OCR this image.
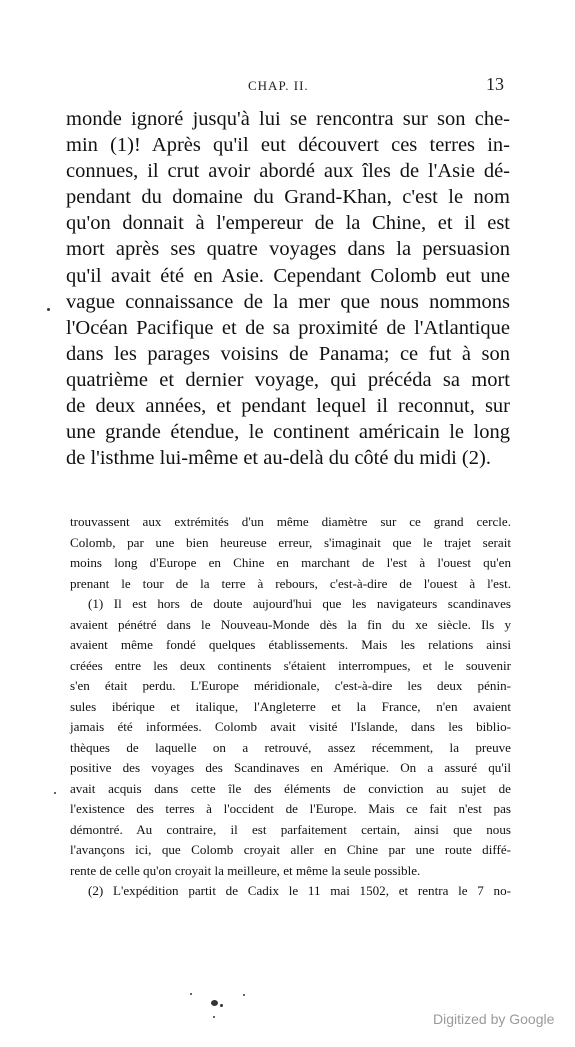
CHAP. II.	13
monde ignoré jusqu'à lui se rencontra sur son che-
min (1)! Après qu'il eut découvert ces terres in-
connues, il crut avoir abordé aux îles de l'Asie dé-
pendant du domaine du Grand-Khan, c'est le nom
qu'on donnait à l'empereur de la Chine, et il est
mort après ses quatre voyages dans la persuasion
qu'il avait été en Asie. Cependant Colomb eut une
vague connaissance de la mer que nous nommons
l'Océan Pacifique et de sa proximité de l'Atlantique
dans les parages voisins de Panama; ce fut à son
quatrième et dernier voyage, qui précéda sa mort
de deux années, et pendant lequel il reconnut, sur
une grande étendue, le continent américain le long
de l'isthme lui-même et au-delà du côté du midi (2).
trouvassent aux extrémités d'un même diamètre sur ce grand cercle.
Colomb, par une bien heureuse erreur, s'imaginait que le trajet serait
moins long d'Europe en Chine en marchant de l'est à l'ouest qu'en
prenant le tour de la terre à rebours, c'est-à-dire de l'ouest à l'est.
(1) Il est hors de doute aujourd'hui que les navigateurs scandinaves
avaient pénétré dans le Nouveau-Monde dès la fin du xe siècle. Ils y
avaient même fondé quelques établissements. Mais les relations ainsi
créées entre les deux continents s'étaient interrompues, et le souvenir
s'en était perdu. L'Europe méridionale, c'est-à-dire les deux pénin-
sules ibérique et italique, l'Angleterre et la France, n'en avaient
jamais été informées. Colomb avait visité l'Islande, dans les biblio-
thèques de laquelle on a retrouvé, assez récemment, la preuve
positive des voyages des Scandinaves en Amérique. On a assuré qu'il
avait acquis dans cette île des éléments de conviction au sujet de
l'existence des terres à l'occident de l'Europe. Mais ce fait n'est pas
démontré. Au contraire, il est parfaitement certain, ainsi que nous
l'avançons ici, que Colomb croyait aller en Chine par une route diffé-
rente de celle qu'on croyait la meilleure, et même la seule possible.
(2) L'expédition partit de Cadix le 11 mai 1502, et rentra le 7 no-
Digitized by Google
